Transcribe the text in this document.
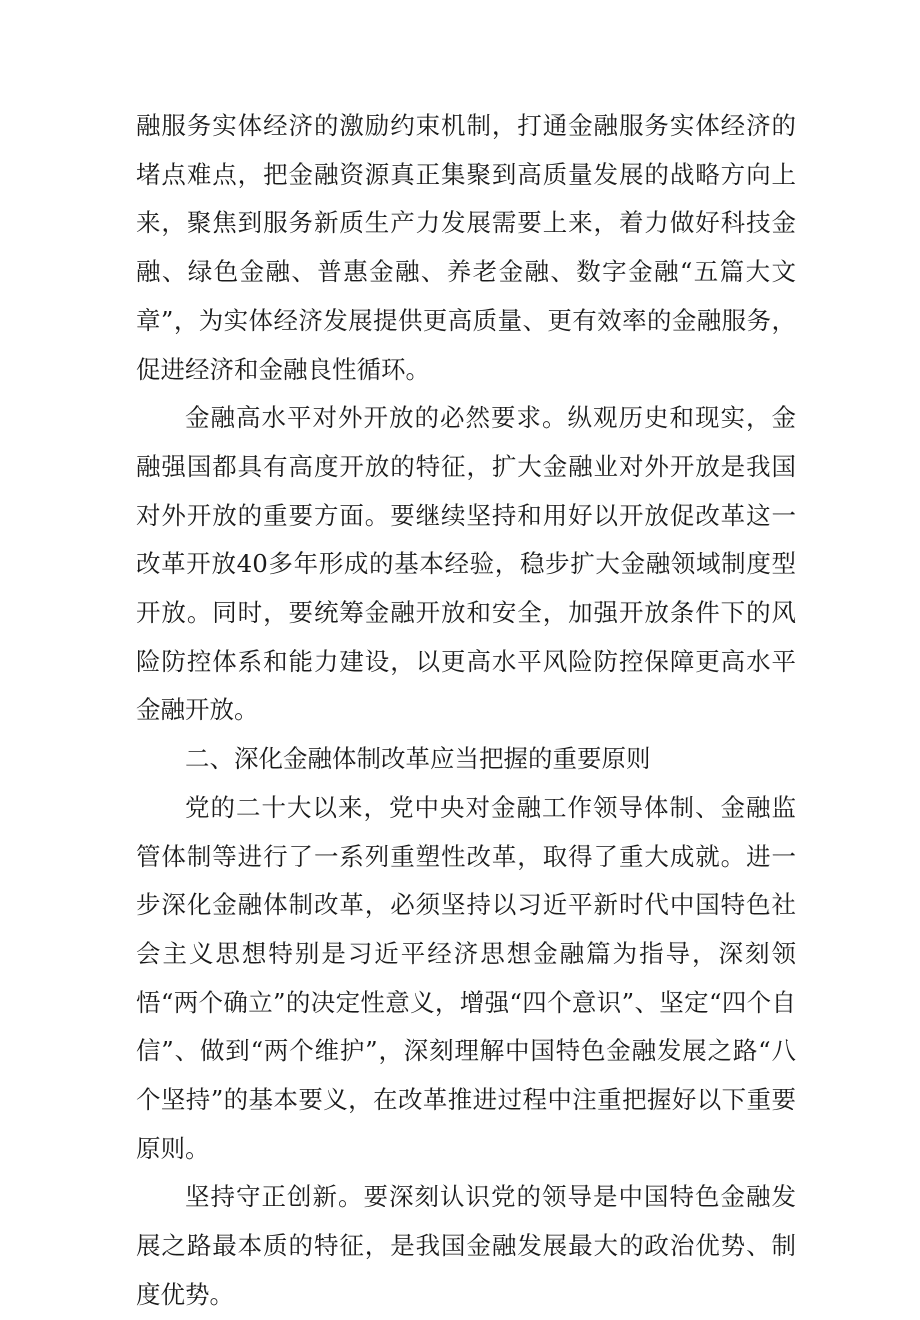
融服务实体经济的激励约束机制，打通金融服务实体经济的堵点难点，把金融资源真正集聚到高质量发展的战略方向上来，聚焦到服务新质生产力发展需要上来，着力做好科技金融、绿色金融、普惠金融、养老金融、数字金融“五篇大文章”，为实体经济发展提供更高质量、更有效率的金融服务，促进经济和金融良性循环。

金融高水平对外开放的必然要求。纵观历史和现实，金融强国都具有高度开放的特征，扩大金融业对外开放是我国对外开放的重要方面。要继续坚持和用好以开放促改革这一改革开放40多年形成的基本经验，稳步扩大金融领域制度型开放。同时，要统筹金融开放和安全，加强开放条件下的风险防控体系和能力建设，以更高水平风险防控保障更高水平金融开放。

二、深化金融体制改革应当把握的重要原则

党的二十大以来，党中央对金融工作领导体制、金融监管体制等进行了一系列重塑性改革，取得了重大成就。进一步深化金融体制改革，必须坚持以习近平新时代中国特色社会主义思想特别是习近平经济思想金融篇为指导，深刻领悟“两个确立”的决定性意义，增强“四个意识”、坚定“四个自信”、做到“两个维护”，深刻理解中国特色金融发展之路“八个坚持”的基本要义，在改革推进过程中注重把握好以下重要原则。

坚持守正创新。要深刻认识党的领导是中国特色金融发展之路最本质的特征，是我国金融发展最大的政治优势、制度优势。
